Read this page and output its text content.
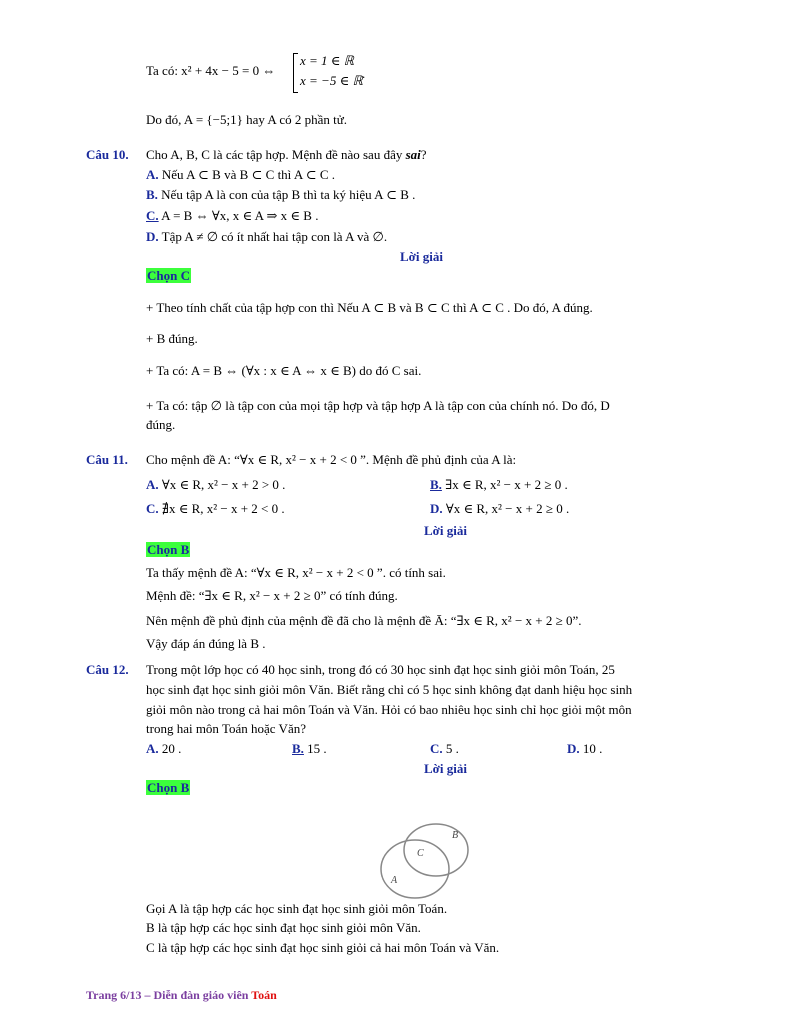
Ta có: x² + 4x − 5 = 0 ⇔
x = 1 ∈ ℝ
x = −5 ∈ ℝ .
Do đó, A = {−5;1} hay A có 2 phần tử.
Câu 10. Cho A, B, C là các tập hợp. Mệnh đề nào sau đây sai?
A. Nếu A ⊂ B và B ⊂ C thì A ⊂ C .
B. Nếu tập A là con của tập B thì ta ký hiệu A ⊂ B .
C. A = B ⇔ ∀x, x ∈ A ⇒ x ∈ B .
D. Tập A ≠ ∅ có ít nhất hai tập con là A và ∅.
Lời giải
Chọn C
+ Theo tính chất của tập hợp con thì Nếu A ⊂ B và B ⊂ C thì A ⊂ C . Do đó, A đúng.
+ B đúng.
+ Ta có: A = B ⇔ (∀x : x ∈ A ⇔ x ∈ B) do đó C sai.
+ Ta có: tập ∅ là tập con của mọi tập hợp và tập hợp A là tập con của chính nó. Do đó, D
đúng.
Câu 11. Cho mệnh đề A: “∀x ∈ R, x² − x + 2 < 0 ”. Mệnh đề phủ định của A là:
A. ∀x ∈ R, x² − x + 2 > 0 .	B. ∃x ∈ R, x² − x + 2 ≥ 0 .
C. ∄x ∈ R, x² − x + 2 < 0 .	D. ∀x ∈ R, x² − x + 2 ≥ 0 .
Lời giải
Chọn B
Ta thấy mệnh đề A: “∀x ∈ R, x² − x + 2 < 0 ”. có tính sai.
Mệnh đề: “∃x ∈ R, x² − x + 2 ≥ 0” có tính đúng.
Nên mệnh đề phủ định của mệnh đề đã cho là mệnh đề Ā: “∃x ∈ R, x² − x + 2 ≥ 0”.
Vậy đáp án đúng là B .
Câu 12. Trong một lớp học có 40 học sinh, trong đó có 30 học sinh đạt học sinh giỏi môn Toán, 25
học sinh đạt học sinh giỏi môn Văn. Biết rằng chỉ có 5 học sinh không đạt danh hiệu học sinh
giỏi môn nào trong cả hai môn Toán và Văn. Hỏi có bao nhiêu học sinh chỉ học giỏi một môn
trong hai môn Toán hoặc Văn?
A. 20 .	B. 15 .	C. 5 .	D. 10 .
Lời giải
Chọn B
B
C
A
Gọi A là tập hợp các học sinh đạt học sinh giỏi môn Toán.
B là tập hợp các học sinh đạt học sinh giỏi môn Văn.
C là tập hợp các học sinh đạt học sinh giỏi cả hai môn Toán và Văn.
Trang 6/13 – Diễn đàn giáo viên Toán
